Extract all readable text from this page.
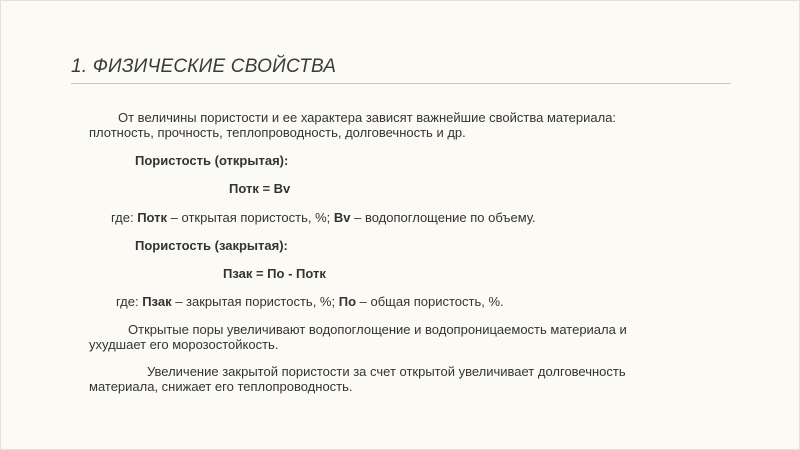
1. ФИЗИЧЕСКИЕ СВОЙСТВА
От величины пористости и ее характера зависят важнейшие свойства материала:
плотность, прочность, теплопроводность, долговечность и др.
Пористость (открытая):
Потк = Вv
где: Потк – открытая пористость, %; Вv – водопоглощение по объему.
Пористость (закрытая):
Пзак = По - Потк
где: Пзак – закрытая пористость, %; По – общая пористость, %.
Открытые поры увеличивают водопоглощение и водопроницаемость материала и
ухудшает его морозостойкость.
Увеличение закрытой пористости за счет открытой увеличивает долговечность
материала, снижает его теплопроводность.
